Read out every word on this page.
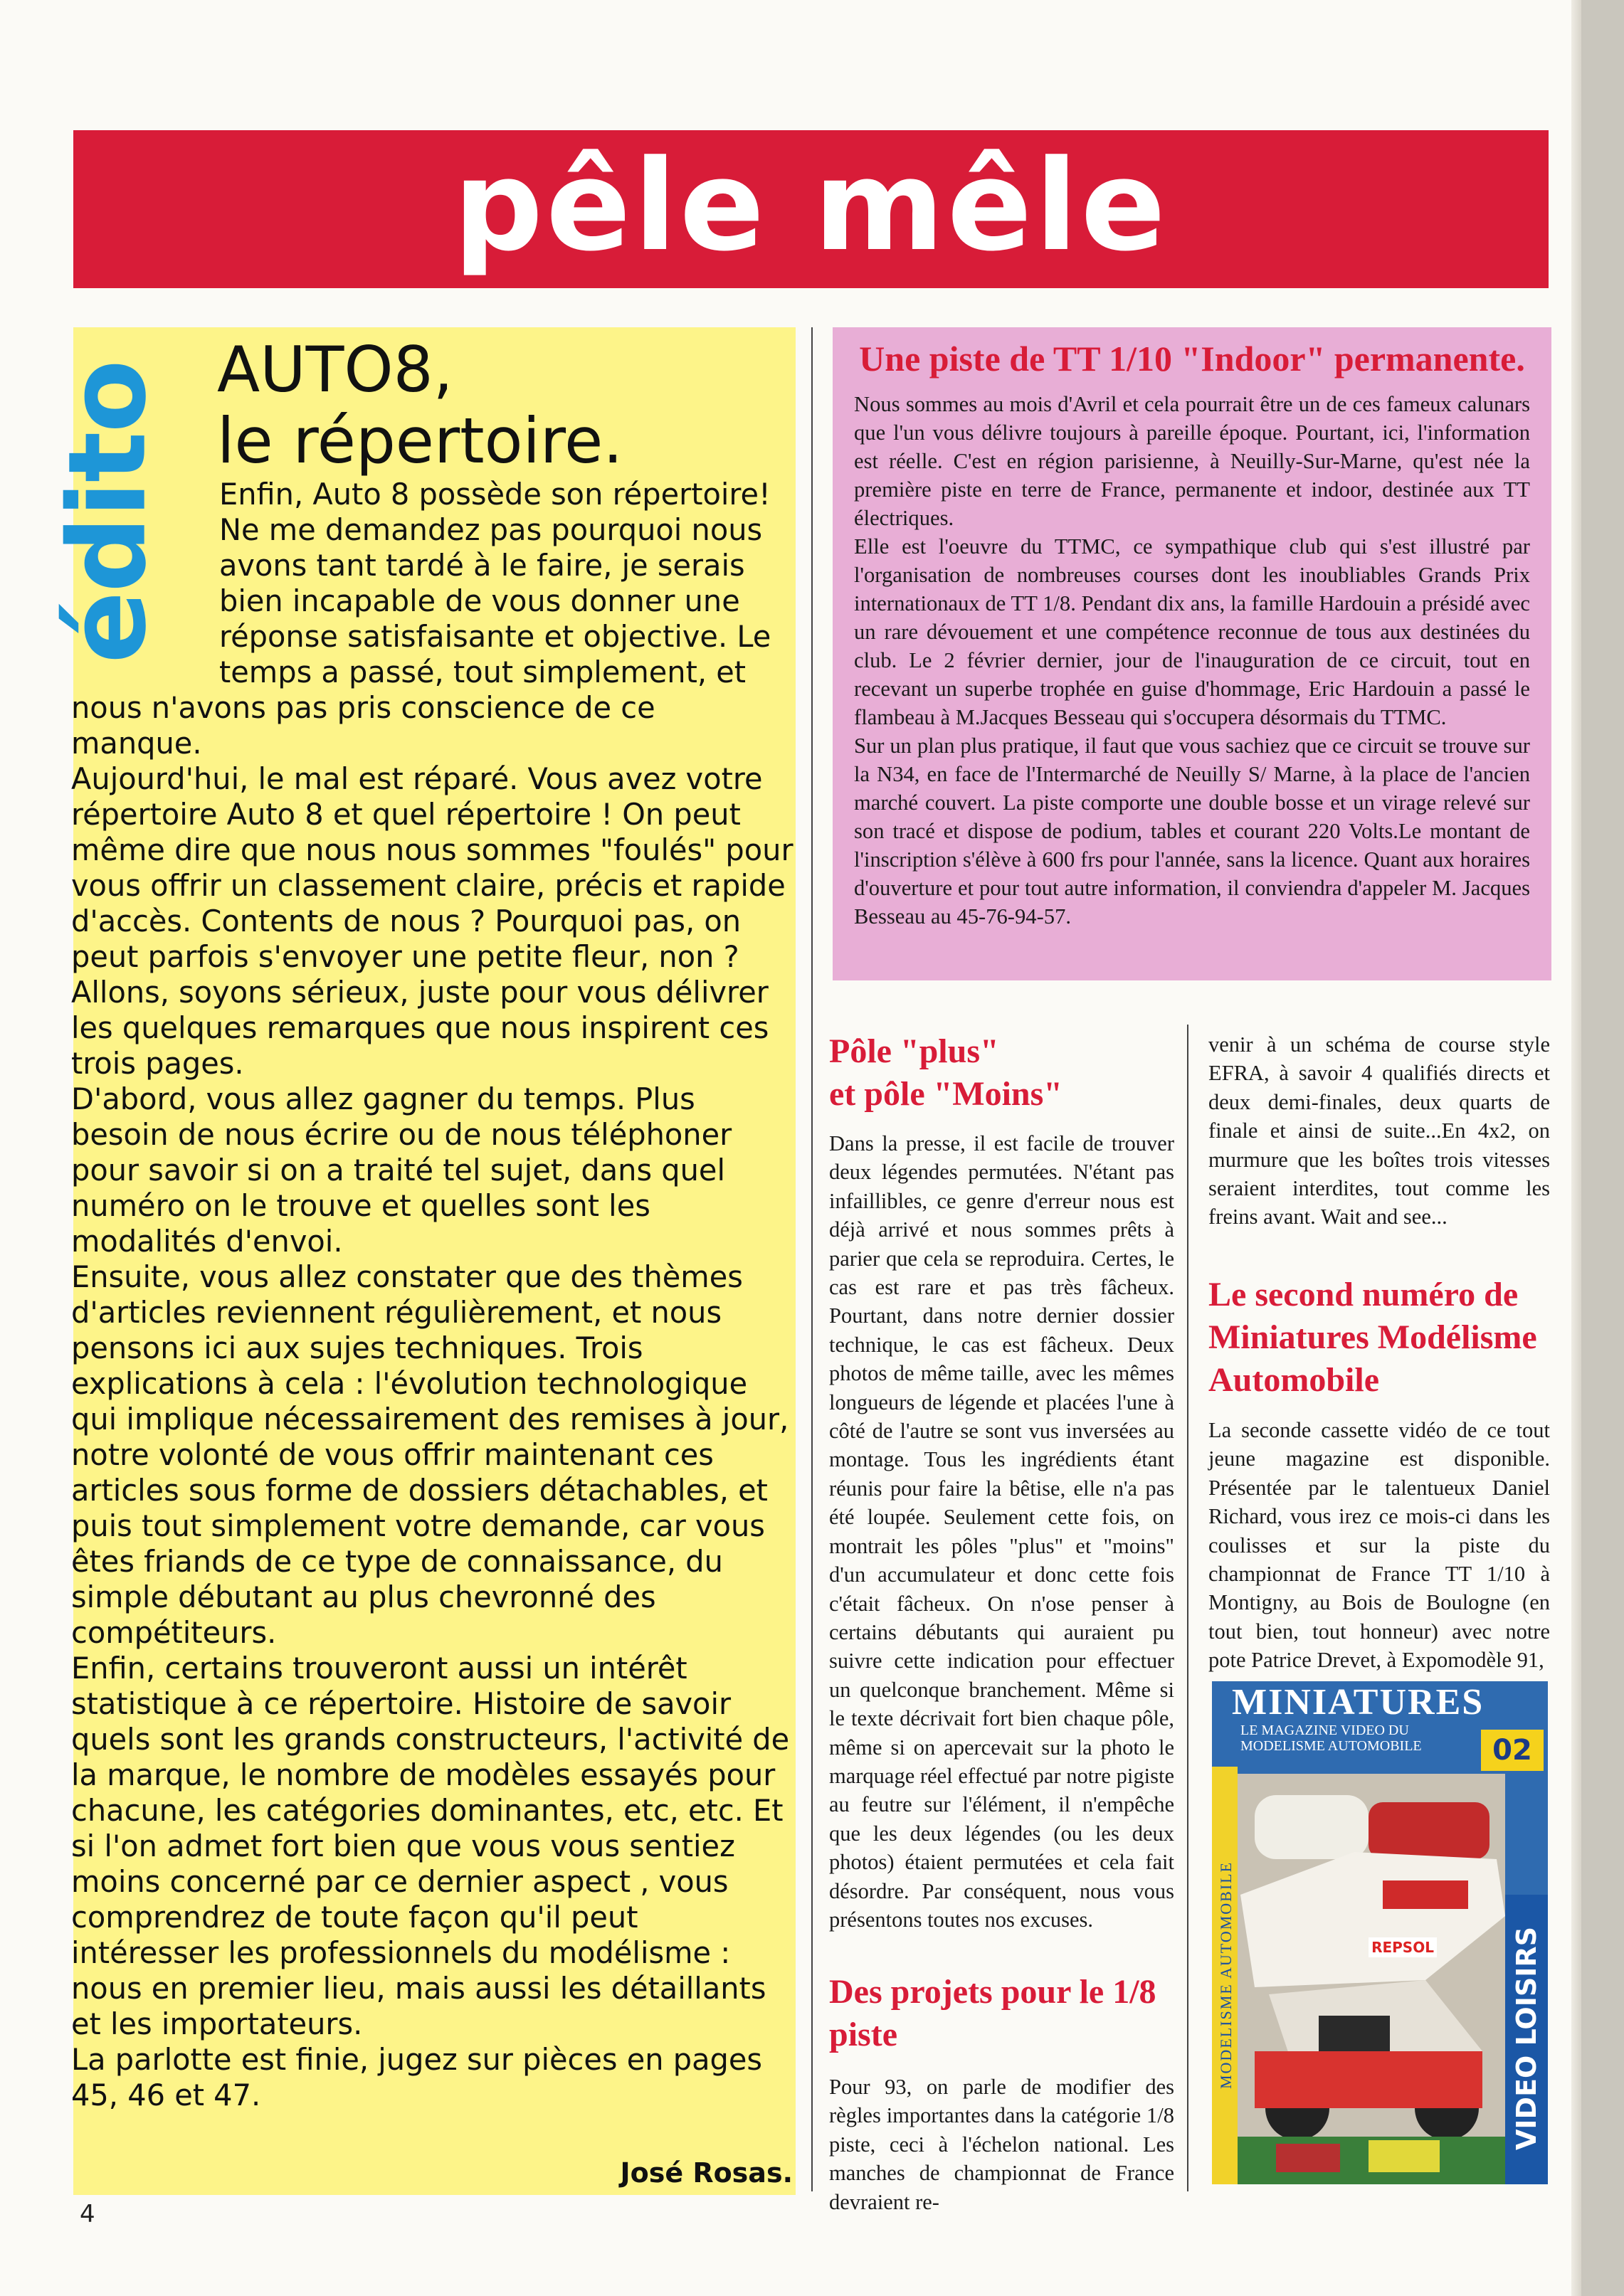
pêle mêle
édito AUTO8,
le répertoire.

Enfin, Auto 8 possède son répertoire! Ne me demandez pas pourquoi nous avons tant tardé à le faire, je serais bien incapable de vous donner une réponse satisfaisante et objective. Le temps a passé, tout simplement, et nous n'avons pas pris conscience de ce manque.

Aujourd'hui, le mal est réparé. Vous avez votre répertoire Auto 8 et quel répertoire ! On peut même dire que nous nous sommes "foulés" pour vous offrir un classement claire, précis et rapide d'accès. Contents de nous ? Pourquoi pas, on peut parfois s'envoyer une petite fleur, non ?

Allons, soyons sérieux, juste pour vous délivrer les quelques remarques que nous inspirent ces trois pages.

D'abord, vous allez gagner du temps. Plus besoin de nous écrire ou de nous téléphoner pour savoir si on a traité tel sujet, dans quel numéro on le trouve et quelles sont les modalités d'envoi.

Ensuite, vous allez constater que des thèmes d'articles reviennent régulièrement, et nous pensons ici aux sujes techniques. Trois explications à cela : l'évolution technologique qui implique nécessairement des remises à jour, notre volonté de vous offrir maintenant ces articles sous forme de dossiers détachables, et puis tout simplement votre demande, car vous êtes friands de ce type de connaissance, du simple débutant au plus chevronné des compétiteurs.

Enfin, certains trouveront aussi un intérêt statistique à ce répertoire. Histoire de savoir quels sont les grands constructeurs, l'activité de la marque, le nombre de modèles essayés pour chacune, les catégories dominantes, etc, etc. Et si l'on admet fort bien que vous vous sentiez moins concerné par ce dernier aspect , vous comprendrez de toute façon qu'il peut intéresser les professionnels du modélisme : nous en premier lieu, mais aussi les détaillants et les importateurs.

La parlotte est finie, jugez sur pièces en pages 45, 46 et 47.

José Rosas.
4
Une piste de TT 1/10 "Indoor" permanente.

Nous sommes au mois d'Avril et cela pourrait être un de ces fameux calunars que l'un vous délivre toujours à pareille époque. Pourtant, ici, l'information est réelle. C'est en région parisienne, à Neuilly-Sur-Marne, qu'est née la première piste en terre de France, permanente et indoor, destinée aux TT électriques.

Elle est l'oeuvre du TTMC, ce sympathique club qui s'est illustré par l'organisation de nombreuses courses dont les inoubliables Grands Prix internationaux de TT 1/8. Pendant dix ans, la famille Hardouin a présidé avec un rare dévouement et une compétence reconnue de tous aux destinées du club. Le 2 février dernier, jour de l'inauguration de ce circuit, tout en recevant un superbe trophée en guise d'hommage, Eric Hardouin a passé le flambeau à M.Jacques Besseau qui s'occupera désormais du TTMC.

Sur un plan plus pratique, il faut que vous sachiez que ce circuit se trouve sur la N34, en face de l'Intermarché de Neuilly S/ Marne, à la place de l'ancien marché couvert. La piste comporte une double bosse et un virage relevé sur son tracé et dispose de podium, tables et courant 220 Volts.Le montant de l'inscription s'élève à 600 frs pour l'année, sans la licence. Quant aux horaires d'ouverture et pour tout autre information, il conviendra d'appeler M. Jacques Besseau au 45-76-94-57.

Pôle "plus"
et pôle "Moins"

Dans la presse, il est facile de trouver deux légendes permutées. N'étant pas infaillibles, ce genre d'erreur nous est déjà arrivé et nous sommes prêts à parier que cela se reproduira. Certes, le cas est rare et pas très fâcheux. Pourtant, dans notre dernier dossier technique, le cas est fâcheux. Deux photos de même taille, avec les mêmes longueurs de légende et placées l'une à côté de l'autre se sont vus inversées au montage. Tous les ingrédients étant réunis pour faire la bêtise, elle n'a pas été loupée. Seulement cette fois, on montrait les pôles "plus" et "moins" d'un accumulateur et donc cette fois c'était fâcheux. On n'ose penser à certains débutants qui auraient pu suivre cette indication pour effectuer un quelconque branchement. Même si le texte décrivait fort bien chaque pôle, même si on apercevait sur la photo le marquage réel effectué par notre pigiste au feutre sur l'élément, il n'empêche que les deux légendes (ou les deux photos) étaient permutées et cela fait désordre. Par conséquent, nous vous présentons toutes nos excuses.

Des projets pour le 1/8
piste

Pour 93, on parle de modifier des règles importantes dans la catégorie 1/8 piste, ceci à l'échelon national. Les manches de championnat de France devraient re-

venir à un schéma de course style EFRA, à savoir 4 qualifiés directs et deux demi-finales, deux quarts de finale et ainsi de suite...En 4x2, on murmure que les boîtes trois vitesses seraient interdites, tout comme les freins avant. Wait and see...

Le second numéro de
Miniatures Modélisme
Automobile

La seconde cassette vidéo de ce tout jeune magazine est disponible. Présentée par le talentueux Daniel Richard, vous irez ce mois-ci dans les coulisses et sur la piste du championnat de France TT 1/10 à Montigny, au Bois de Boulogne (en tout bien, tout honneur) avec notre pote Patrice Drevet, à Expomodèle 91,

MINIATURES
LE MAGAZINE VIDEO DU MODELISME AUTOMOBILE	02
MODELISME AUTOMOBILE	VIDEO LOISIRS
REPSOL
